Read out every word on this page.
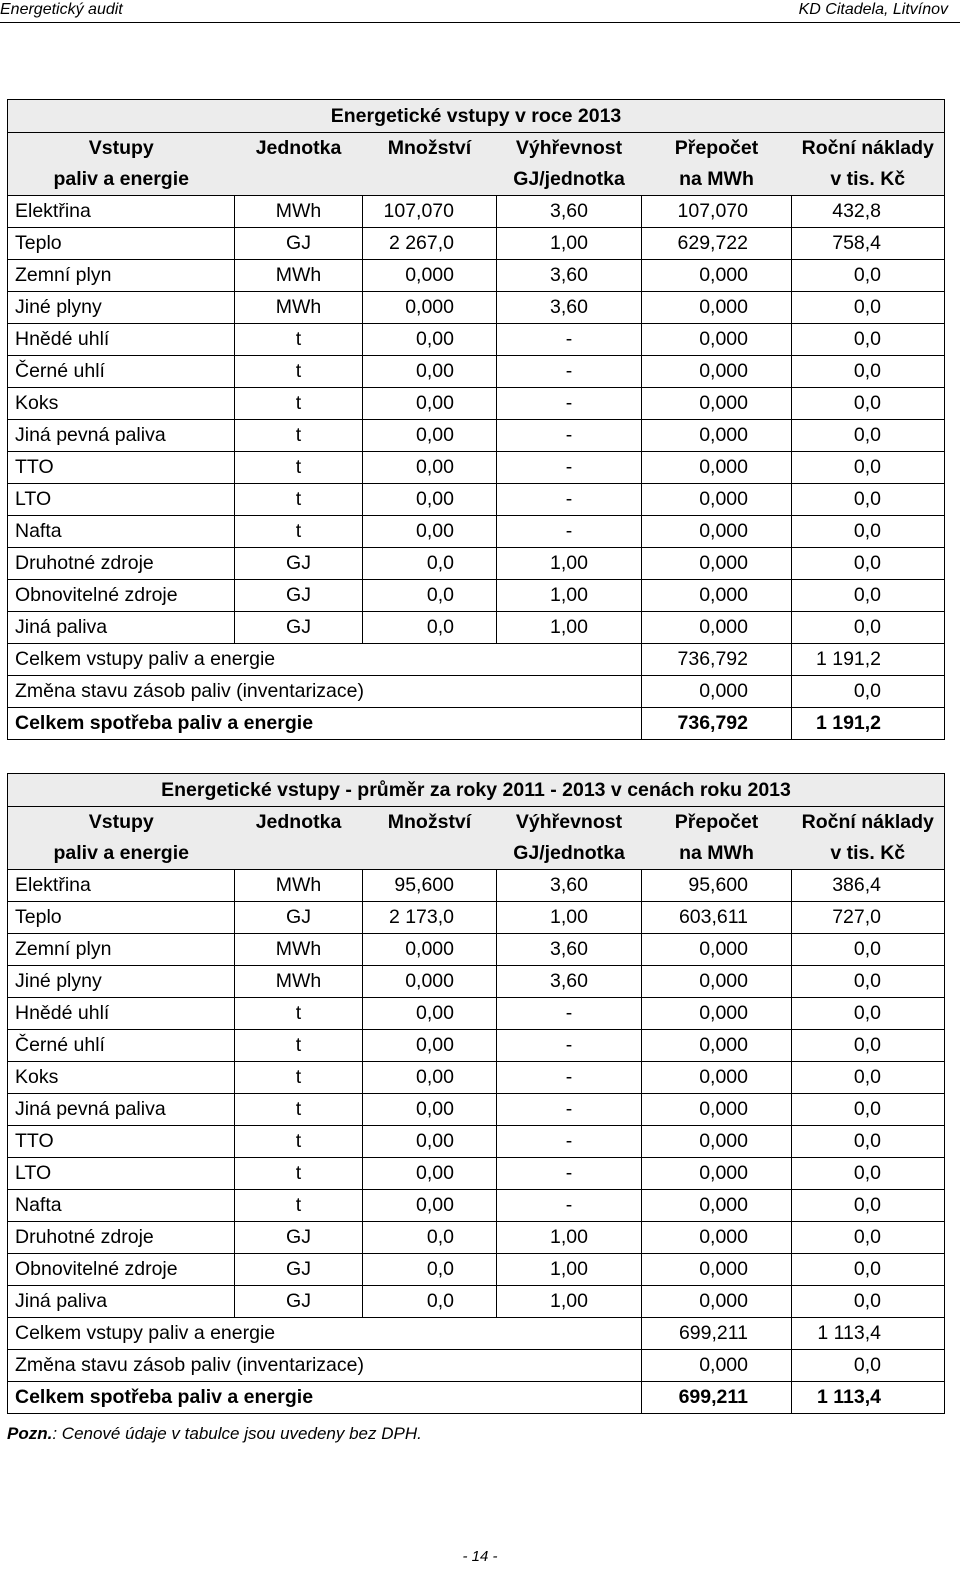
Energetický audit	KD Citadela, Litvínov
Energetické vstupy v roce 2013					
Vstupy	Jednotka	Množství	Výhřevnost	Přepočet	Roční náklady
paliv a energie			GJ/jednotka	na MWh	v tis. Kč
Elektřina	MWh	107,070	3,60	107,070	432,8
Teplo	GJ	2 267,0	1,00	629,722	758,4
Zemní plyn	MWh	0,000	3,60	0,000	0,0
Jiné plyny	MWh	0,000	3,60	0,000	0,0
Hnědé uhlí	t	0,00	-	0,000	0,0
Černé uhlí	t	0,00	-	0,000	0,0
Koks	t	0,00	-	0,000	0,0
Jiná pevná paliva	t	0,00	-	0,000	0,0
TTO	t	0,00	-	0,000	0,0
LTO	t	0,00	-	0,000	0,0
Nafta	t	0,00	-	0,000	0,0
Druhotné zdroje	GJ	0,0	1,00	0,000	0,0
Obnovitelné zdroje	GJ	0,0	1,00	0,000	0,0
Jiná paliva	GJ	0,0	1,00	0,000	0,0
Celkem vstupy paliv a energie				736,792	1 191,2
Změna stavu zásob paliv (inventarizace)				0,000	0,0
Celkem spotřeba paliv a energie				736,792	1 191,2
Energetické vstupy - průměr za roky 2011 - 2013 v cenách roku 2013					
Vstupy	Jednotka	Množství	Výhřevnost	Přepočet	Roční náklady
paliv a energie			GJ/jednotka	na MWh	v tis. Kč
Elektřina	MWh	95,600	3,60	95,600	386,4
Teplo	GJ	2 173,0	1,00	603,611	727,0
Zemní plyn	MWh	0,000	3,60	0,000	0,0
Jiné plyny	MWh	0,000	3,60	0,000	0,0
Hnědé uhlí	t	0,00	-	0,000	0,0
Černé uhlí	t	0,00	-	0,000	0,0
Koks	t	0,00	-	0,000	0,0
Jiná pevná paliva	t	0,00	-	0,000	0,0
TTO	t	0,00	-	0,000	0,0
LTO	t	0,00	-	0,000	0,0
Nafta	t	0,00	-	0,000	0,0
Druhotné zdroje	GJ	0,0	1,00	0,000	0,0
Obnovitelné zdroje	GJ	0,0	1,00	0,000	0,0
Jiná paliva	GJ	0,0	1,00	0,000	0,0
Celkem vstupy paliv a energie				699,211	1 113,4
Změna stavu zásob paliv (inventarizace)				0,000	0,0
Celkem spotřeba paliv a energie				699,211	1 113,4
Pozn.: Cenové údaje v tabulce jsou uvedeny bez DPH.
- 14 -
